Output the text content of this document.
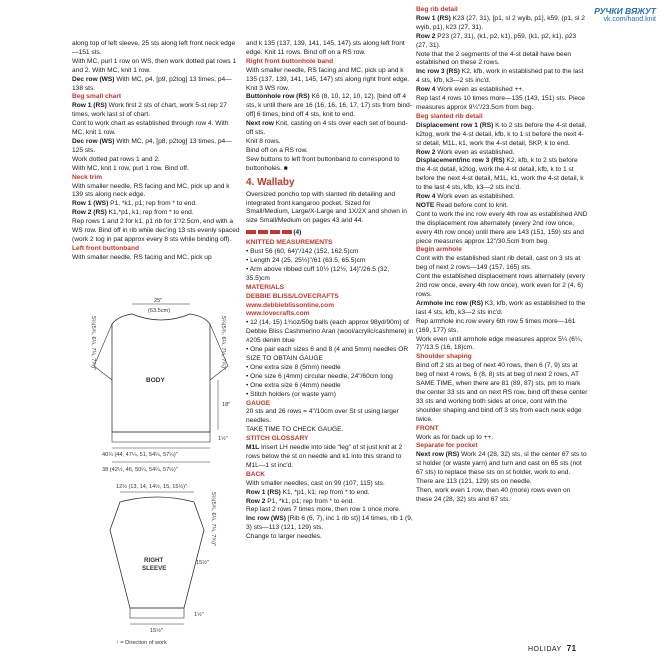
РУЧКИ ВЯЖУТ
vk.com/hand.knit

along top of left sleeve, 25 sts along left front neck edge—151 sts.

With MC, purl 1 row on WS, then work dotted pat rows 1 and 2. With MC, knit 1 row.

Dec row (WS) With MC, p4, [p9, p2tog] 13 times, p4—138 sts.

Beg small chart

Row 1 (RS) Work first 2 sts of chart, work 5-st rep 27 times, work last st of chart.

Cont to work chart as established through row 4. With MC, knit 1 row.

Dec row (WS) With MC, p4, [p8, p2tog] 13 times, p4—125 sts.

Work dotted pat rows 1 and 2.

With MC, knit 1 row, purl 1 row. Bind off.

Neck trim

With smaller needle, RS facing and MC, pick up and k 139 sts along neck edge.

Row 1 (WS) P1, *k1, p1; rep from * to end.

Row 2 (RS) K1,*p1, k1; rep from * to end.

Rep rows 1 and 2 for k1, p1 rib for 1"/2.5cm, end with a WS row. Bind off in rib while dec'ing 13 sts evenly spaced (work 2 tog in pat approx every 8 sts while binding off).

Left front buttonband

With smaller needle, RS facing and MC, pick up

25"
(63.5cm)
BODY
5¼(5¾, 6¼, 7¼, 7¾)"	5¼(5¾, 6¼, 7¼, 7¾)"
18"
1½"
40¼ (44, 47¼, 51, 54¼, 57¼)"
38 (42½, 46, 50¼, 54¼, 57½)"
12½ (13, 14, 14½, 15, 15½)"
5¼(5¾, 6¼, 7¼, 7¾)"
RIGHT
SLEEVE
15½"
1½"
15½"
↑ = Direction of work

and k 135 (137, 139, 141, 145, 147) sts along left front edge. Knit 11 rows. Bind off on a RS row.

Right front buttonhole band

With smaller needle, RS facing and MC, pick up and k 135 (137, 139, 141, 145, 147) sts along right front edge. Knit 3 WS row.

Buttonhole row (RS) K6 (8, 10, 12, 10, 12), [bind off 4 sts, k until there are 16 (16, 16, 16, 17, 17) sts from bind-off] 6 times, bind off 4 sts, knit to end.

Next row Knit, casting on 4 sts over each set of bound-off sts.

Knit 8 rows.

Bind off on a RS row.

Sew buttons to left front buttonband to correspond to buttonholes. ■

4. Wallaby

Oversized poncho top with slanted rib detailing and integrated front kangaroo pocket. Sized for Small/Medium, Large/X-Large and 1X/2X and shown in size Small/Medium on pages 43 and 44.

(4)

KNITTED MEASUREMENTS

• Bust 56 (60, 64)"/142 (152, 162.5)cm

• Length 24 (25, 25½)"/61 (63.5, 65.5)cm

• Arm above ribbed cuff 10½ (12½, 14)"/26.5 (32, 35.5)cm

MATERIALS

DEBBIE BLISS/LOVECRAFTS

www.debbieblissonline.com

www.lovecrafts.com

• 12 (14, 15) 1¾oz/50g balls (each approx 98yd/90m) of Debbie Bliss Cashmerino Aran (wool/acrylic/cashmere) in #205 denim blue

• One pair each sizes 6 and 8 (4 and 5mm) needles OR SIZE TO OBTAIN GAUGE

• One extra size 8 (5mm) needle

• One size 6 (4mm) circular needle, 24"/60cm long

• One extra size 6 (4mm) needle

• Stitch holders (or waste yarn)

GAUGE

20 sts and 26 rows = 4"/10cm over St st using larger needles.

TAKE TIME TO CHECK GAUGE.

STITCH GLOSSARY

M1L Insert LH needle into side “leg” of st just knit at 2 rows below the st on needle and k1 into this strand to M1L—1 st inc'd.

BACK

With smaller needles, cast on 99 (107, 115) sts.

Row 1 (RS) K1, *p1, k1; rep from * to end.

Row 2 P1, *k1, p1; rep from * to end.

Rep last 2 rows 7 times more, then row 1 once more.

Inc row (WS) [Rib 6 (6, 7), inc 1 rib st)] 14 times, rib 1 (9, 3) sts—113 (121, 129) sts.

Change to larger needles.

Beg rib detail

Row 1 (RS) K23 (27, 31), [p1, sl 2 wyib, p1], k59, (p1, sl 2 wyib, p1), k23 (27, 31).

Row 2 P23 (27, 31), (k1, p2, k1), p59, (k1, p2, k1), p23 (27, 31).

Note that the 2 segments of the 4-st detail have been established on these 2 rows.

Inc row 3 (RS) K2, kfb, work in established pat to the last 4 sts, kfb, k3—2 sts inc'd.

Row 4 Work even as established ++.

Rep last 4 rows 10 times more—135 (143, 151) sts. Piece measures approx 9¼"/23.5cm from beg.

Beg slanted rib detail

Displacement row 1 (RS) K to 2 sts before the 4-st detail, k2tog, work the 4-st detail, kfb, k to 1 st before the next 4-st detail, M1L, k1, work the 4-st detail, SKP, k to end.

Row 2 Work even as established.

Displacement/inc row 3 (RS) K2, kfb, k to 2 sts before the 4-st detail, k2tog, work the 4-st detail, kfb, k to 1 st before the next 4-st detail, M1L, k1, work the 4-st detail, k to the last 4 sts, kfb, k3—2 sts inc'd.

Row 4 Work even as established.

NOTE Read before cont to knit.

Cont to work the inc row every 4th row as established AND the displacement row alternately (every 2nd row once, every 4th row once) until there are 143 (151, 159) sts and piece measures approx 12"/30.5cm from beg.

Begin armhole

Cont with the established slant rib detail, cast on 3 sts at beg of next 2 rows—149 (157, 165) sts.

Cont the established displacement rows alternately (every 2nd row once, every 4th row once), work even for 2 (4, 6) rows.

Armhole inc row (RS) K3, kfb, work as established to the last 4 sts, kfb, k3—2 sts inc'd.

Rep armhole inc row every 6th row 5 times more—161 (169, 177) sts.

Work even until armhole edge measures approx 5¼ (6¼, 7)"/13.5 (16, 18)cm.

Shoulder shaping

Bind off 2 sts at beg of next 40 rows, then 6 (7, 9) sts at beg of next 4 rows, 6 (8, 8) sts at beg of next 2 rows, AT SAME TIME, when there are 81 (89, 87) sts, pm to mark the center 33 sts and on next RS row, bind off these center 33 sts and working both sides at once, cont with the shoulder shaping and bind off 3 sts from each neck edge twice.

FRONT

Work as for back up to ++.

Separate for pocket

Next row (RS) Work 24 (28, 32) sts, sl the center 67 sts to st holder (or waste yarn) and turn and cast on 65 sts (not 67 sts) to replace these sts on st holder, work to end. There are 113 (121, 129) sts on needle.

Then, work even 1 row, then 40 (more) rows even on these 24 (28, 32) sts and 67 sts.

HOLIDAY 71
